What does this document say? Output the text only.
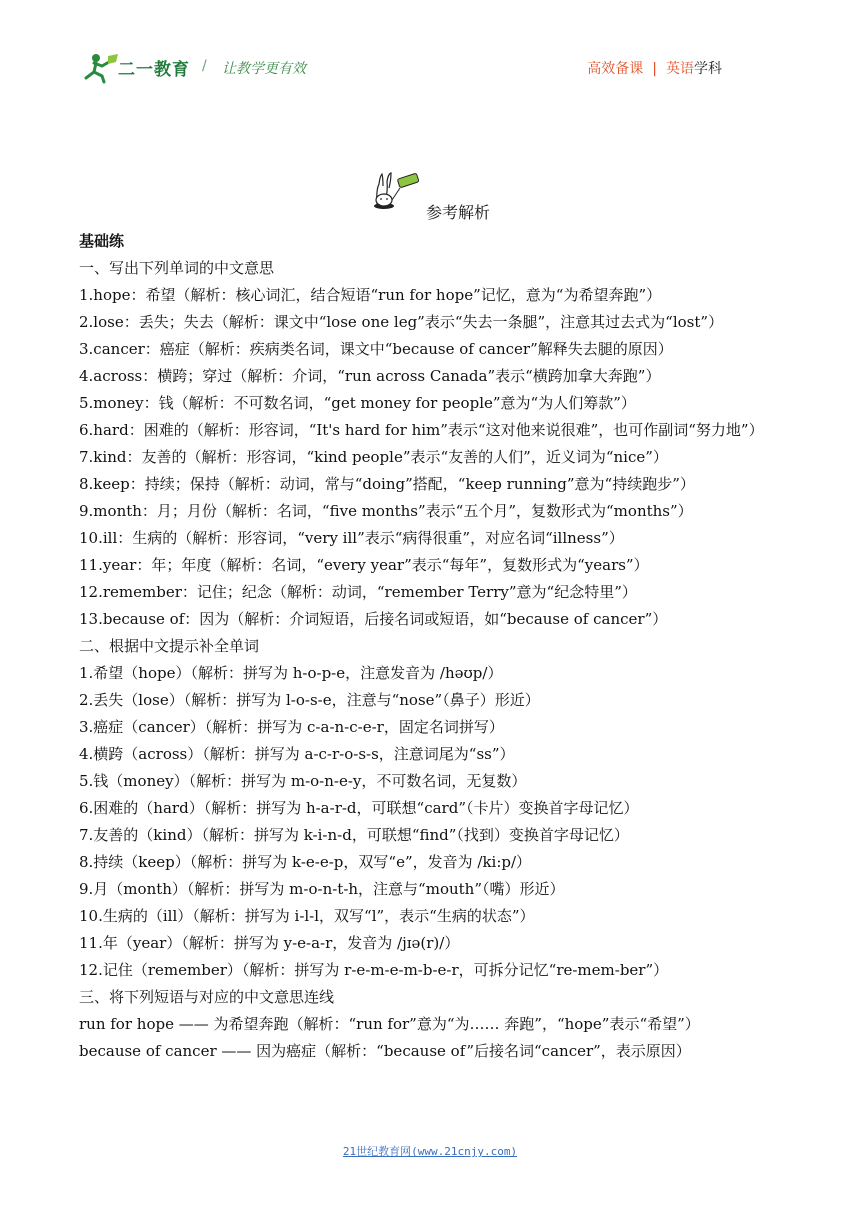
二一教育 / 让教学更有效	高效备课 | 英语学科
参考解析
基础练
一、写出下列单词的中文意思
1.hope：希望（解析：核心词汇，结合短语“run for hope”记忆，意为“为希望奔跑”）
2.lose：丢失；失去（解析：课文中“lose one leg”表示“失去一条腿”，注意其过去式为“lost”）
3.cancer：癌症（解析：疾病类名词，课文中“because of cancer”解释失去腿的原因）
4.across：横跨；穿过（解析：介词，“run across Canada”表示“横跨加拿大奔跑”）
5.money：钱（解析：不可数名词，“get money for people”意为“为人们筹款”）
6.hard：困难的（解析：形容词，“It's hard for him”表示“这对他来说很难”，也可作副词“努力地”）
7.kind：友善的（解析：形容词，“kind people”表示“友善的人们”，近义词为“nice”）
8.keep：持续；保持（解析：动词，常与“doing”搭配，“keep running”意为“持续跑步”）
9.month：月；月份（解析：名词，“five months”表示“五个月”，复数形式为“months”）
10.ill：生病的（解析：形容词，“very ill”表示“病得很重”，对应名词“illness”）
11.year：年；年度（解析：名词，“every year”表示“每年”，复数形式为“years”）
12.remember：记住；纪念（解析：动词，“remember Terry”意为“纪念特里”）
13.because of：因为（解析：介词短语，后接名词或短语，如“because of cancer”）
二、根据中文提示补全单词
1.希望（hope）（解析：拼写为 h-o-p-e，注意发音为 /həʊp/）
2.丢失（lose）（解析：拼写为 l-o-s-e，注意与“nose”（鼻子）形近）
3.癌症（cancer）（解析：拼写为 c-a-n-c-e-r，固定名词拼写）
4.横跨（across）（解析：拼写为 a-c-r-o-s-s，注意词尾为“ss”）
5.钱（money）（解析：拼写为 m-o-n-e-y，不可数名词，无复数）
6.困难的（hard）（解析：拼写为 h-a-r-d，可联想“card”（卡片）变换首字母记忆）
7.友善的（kind）（解析：拼写为 k-i-n-d，可联想“find”（找到）变换首字母记忆）
8.持续（keep）（解析：拼写为 k-e-e-p，双写“e”，发音为 /ki:p/）
9.月（month）（解析：拼写为 m-o-n-t-h，注意与“mouth”（嘴）形近）
10.生病的（ill）（解析：拼写为 i-l-l，双写“l”，表示“生病的状态”）
11.年（year）（解析：拼写为 y-e-a-r，发音为 /jɪə(r)/）
12.记住（remember）（解析：拼写为 r-e-m-e-m-b-e-r，可拆分记忆“re-mem-ber”）
三、将下列短语与对应的中文意思连线
run for hope —— 为希望奔跑（解析：“run for”意为“为…… 奔跑”，“hope”表示“希望”）
because of cancer —— 因为癌症（解析：“because of”后接名词“cancer”，表示原因）
21世纪教育网(www.21cnjy.com)
